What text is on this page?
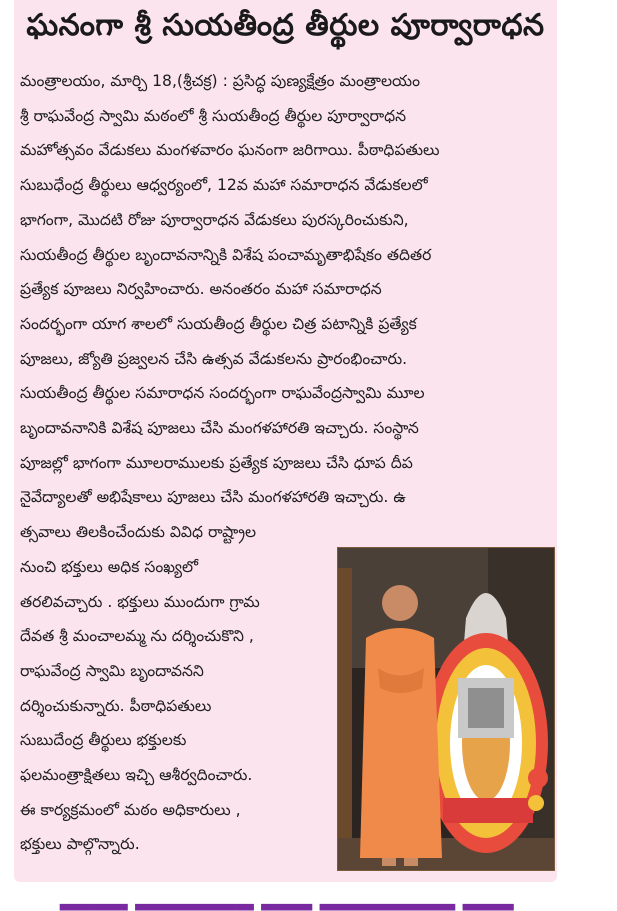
ఘనంగా శ్రీ సుయతీంద్ర తీర్థుల పూర్వారాధన
మంత్రాలయం, మార్చి 18,(శ్రీచక్ర) : ప్రసిద్ధ పుణ్యక్షేత్రం మంత్రాలయం
శ్రీ రాఘవేంద్ర స్వామి మఠంలో శ్రీ సుయతీంద్ర తీర్థుల పూర్వారాధన
మహోత్సవం వేడుకలు మంగళవారం ఘనంగా జరిగాయి. పీఠాధిపతులు
సుబుధేంద్ర తీర్థులు ఆధ్వర్యంలో, 12వ మహా సమారాధన వేడుకలలో
భాగంగా, మొదటి రోజు పూర్వారాధన వేడుకలు పురస్కరించుకుని,
సుయతీంద్ర తీర్థుల బృందావనాన్నికి విశేష పంచామృతాభిషేకం తదితర
ప్రత్యేక పూజలు నిర్వహించారు. అనంతరం మహా సమారాధన
సందర్భంగా యాగ శాలలో సుయతీంద్ర తీర్థుల చిత్ర పటాన్నికి ప్రత్యేక
పూజలు, జ్యోతి ప్రజ్వలన చేసి ఉత్సవ వేడుకలను ప్రారంభించారు.
సుయతీంద్ర తీర్థుల సమారాధన సందర్భంగా రాఘవేంద్రస్వామి మూల
బృందావనానికి విశేష పూజలు చేసి మంగళహారతి ఇచ్చారు. సంస్థాన
పూజల్లో భాగంగా మూలరాములకు ప్రత్యేక పూజలు చేసి ధూప దీప
నైవేద్యాలతో అభిషేకాలు పూజలు చేసి మంగళహారతి ఇచ్చారు. ఉ
త్సవాలు తిలకించేందుకు వివిధ రాష్ట్రాల
నుంచి భక్తులు అధిక సంఖ్యలో
తరలివచ్చారు . భక్తులు ముందుగా గ్రామ
దేవత శ్రీ మంచాలమ్మ ను దర్శించుకొని ,
రాఘవేంద్ర స్వామి బృందావనని
దర్శించుకున్నారు. పీఠాధిపతులు
సుబుదేంద్ర తీర్థులు భక్తులకు
ఫలమంత్రాక్షితలు ఇచ్చి ఆశీర్వదించారు.
ఈ కార్యక్రమంలో మఠం అధికారులు ,
భక్తులు పాల్గొన్నారు.
▂▂▂▂ ▂▂▂▂▂▂▂ ▂▂▂ ▂▂▂▂▂▂▂▂ ▂▂▂
